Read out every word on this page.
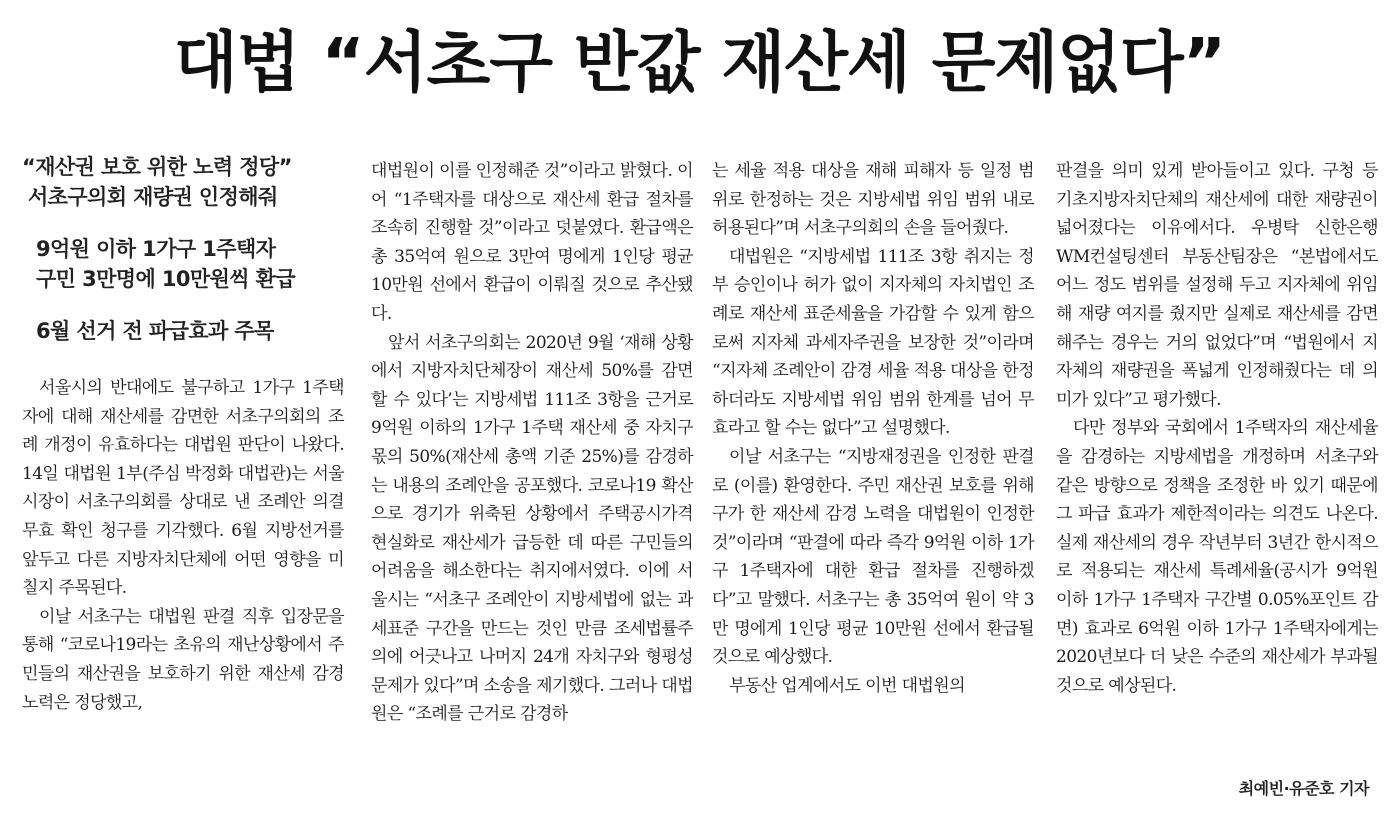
대법 “서초구 반값 재산세 문제없다”

“재산권 보호 위한 노력 정당”

서초구의회 재량권 인정해줘

9억원 이하 1가구 1주택자

구민 3만명에 10만원씩 환급

6월 선거 전 파급효과 주목

서울시의 반대에도 불구하고 1가구 1주택자에 대해 재산세를 감면한 서초구의회의 조례 개정이 유효하다는 대법원 판단이 나왔다. 14일 대법원 1부(주심 박정화 대법관)는 서울시장이 서초구의회를 상대로 낸 조례안 의결 무효 확인 청구를 기각했다. 6월 지방선거를 앞두고 다른 지방자치단체에 어떤 영향을 미칠지 주목된다.

이날 서초구는 대법원 판결 직후 입장문을 통해 “코로나19라는 초유의 재난상황에서 주민들의 재산권을 보호하기 위한 재산세 감경 노력은 정당했고,

대법원이 이를 인정해준 것”이라고 밝혔다. 이어 “1주택자를 대상으로 재산세 환급 절차를 조속히 진행할 것”이라고 덧붙였다. 환급액은 총 35억여 원으로 3만여 명에게 1인당 평균 10만원 선에서 환급이 이뤄질 것으로 추산됐다.

앞서 서초구의회는 2020년 9월 ‘재해 상황에서 지방자치단체장이 재산세 50%를 감면할 수 있다’는 지방세법 111조 3항을 근거로 9억원 이하의 1가구 1주택 재산세 중 자치구 몫의 50%(재산세 총액 기준 25%)를 감경하는 내용의 조례안을 공포했다. 코로나19 확산으로 경기가 위축된 상황에서 주택공시가격 현실화로 재산세가 급등한 데 따른 구민들의 어려움을 해소한다는 취지에서였다. 이에 서울시는 “서초구 조례안이 지방세법에 없는 과세표준 구간을 만드는 것인 만큼 조세법률주의에 어긋나고 나머지 24개 자치구와 형평성 문제가 있다”며 소송을 제기했다. 그러나 대법원은 “조례를 근거로 감경하

는 세율 적용 대상을 재해 피해자 등 일정 범위로 한정하는 것은 지방세법 위임 범위 내로 허용된다”며 서초구의회의 손을 들어줬다.

대법원은 “지방세법 111조 3항 취지는 정부 승인이나 허가 없이 지자체의 자치법인 조례로 재산세 표준세율을 가감할 수 있게 함으로써 지자체 과세자주권을 보장한 것”이라며 “지자체 조례안이 감경 세율 적용 대상을 한정하더라도 지방세법 위임 범위 한계를 넘어 무효라고 할 수는 없다”고 설명했다.

이날 서초구는 “지방재정권을 인정한 판결로 (이를) 환영한다. 주민 재산권 보호를 위해 구가 한 재산세 감경 노력을 대법원이 인정한 것”이라며 “판결에 따라 즉각 9억원 이하 1가구 1주택자에 대한 환급 절차를 진행하겠다”고 말했다. 서초구는 총 35억여 원이 약 3만 명에게 1인당 평균 10만원 선에서 환급될 것으로 예상했다.

부동산 업계에서도 이번 대법원의

판결을 의미 있게 받아들이고 있다. 구청 등 기초지방자치단체의 재산세에 대한 재량권이 넓어졌다는 이유에서다. 우병탁 신한은행 WM컨설팅센터 부동산팀장은 “본법에서도 어느 정도 범위를 설정해 두고 지자체에 위임해 재량 여지를 줬지만 실제로 재산세를 감면해주는 경우는 거의 없었다”며 “법원에서 지자체의 재량권을 폭넓게 인정해줬다는 데 의미가 있다”고 평가했다.

다만 정부와 국회에서 1주택자의 재산세율을 감경하는 지방세법을 개정하며 서초구와 같은 방향으로 정책을 조정한 바 있기 때문에 그 파급 효과가 제한적이라는 의견도 나온다. 실제 재산세의 경우 작년부터 3년간 한시적으로 적용되는 재산세 특례세율(공시가 9억원 이하 1가구 1주택자 구간별 0.05%포인트 감면) 효과로 6억원 이하 1가구 1주택자에게는 2020년보다 더 낮은 수준의 재산세가 부과될 것으로 예상된다.

최예빈·유준호 기자
